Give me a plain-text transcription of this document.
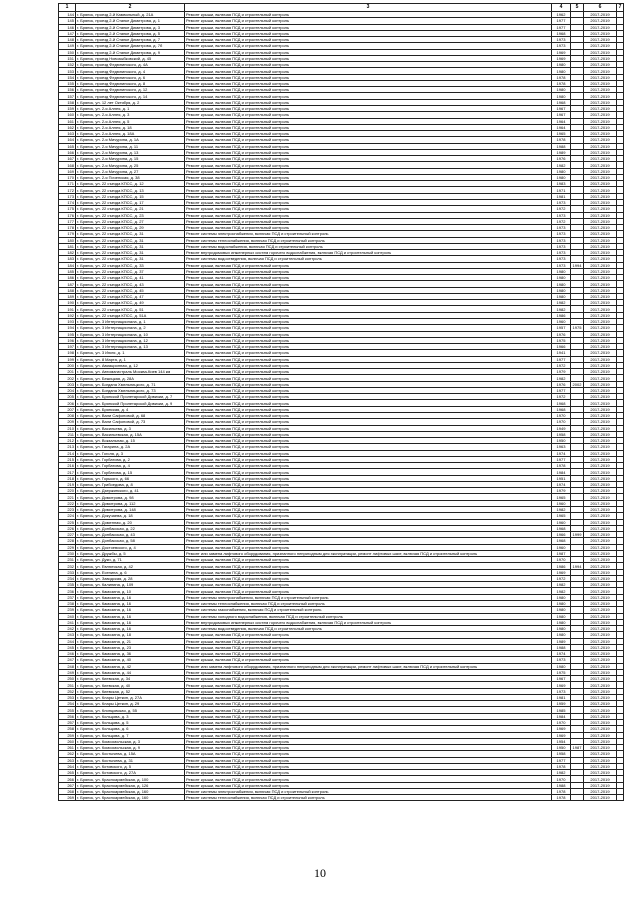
1	2	3	4	5	6	7
144	г. Брянск, проезд 2-й Камвольный, д. 21А	Ремонт крыши, включая ПСД и строительный контроль	1962		2017-2019	
145	г. Брянск, проезд 2-й Станке Димитрова, д. 1	Ремонт крыши, включая ПСД и строительный контроль	1977		2017-2019	
146	г. Брянск, проезд 2-й Станке Димитрова, д. 3	Ремонт крыши, включая ПСД и строительный контроль	1977		2017-2019	
147	г. Брянск, проезд 2-й Станке Димитрова, д. 5	Ремонт крыши, включая ПСД и строительный контроль	1968		2017-2019	
148	г. Брянск, проезд 2-й Станке Димитрова, д. 7	Ремонт крыши, включая ПСД и строительный контроль	1973		2017-2019	
149	г. Брянск, проезд 2-й Станке Димитрова, д. 7б	Ремонт крыши, включая ПСД и строительный контроль	1973		2017-2019	
150	г. Брянск, проезд 2-й Станке Димитрова, д. 9	Ремонт крыши, включая ПСД и строительный контроль	1969		2017-2019	
151	г. Брянск, проезд Новозыбковский, д. 45	Ремонт крыши, включая ПСД и строительный контроль	1969		2017-2019	
152	г. Брянск, проезд Федюнинского, д. 4А	Ремонт крыши, включая ПСД и строительный контроль	1980		2017-2019	
153	г. Брянск, проезд Федюнинского, д. 4	Ремонт крыши, включая ПСД и строительный контроль	1980		2017-2019	
154	г. Брянск, проезд Федюнинского, д. 6	Ремонт крыши, включая ПСД и строительный контроль	1978		2017-2019	
155	г. Брянск, проезд Федюнинского, д. 8	Ремонт крыши, включая ПСД и строительный контроль	1978		2017-2019	
156	г. Брянск, проезд Федюнинского, д. 12	Ремонт крыши, включая ПСД и строительный контроль	1980		2017-2019	
157	г. Брянск, проезд Федюнинского, д. 14	Ремонт крыши, включая ПСД и строительный контроль	1980		2017-2019	
158	г. Брянск, ул. 12 лет Октября, д. 2	Ремонт крыши, включая ПСД и строительный контроль	1968		2017-2019	
159	г. Брянск, ул. 2-я Аллея, д. 1	Ремонт крыши, включая ПСД и строительный контроль	1967		2017-2019	
160	г. Брянск, ул. 2-я Аллея, д. 3	Ремонт крыши, включая ПСД и строительный контроль	1967		2017-2019	
161	г. Брянск, ул. 2-я Аллея, д. 5	Ремонт крыши, включая ПСД и строительный контроль	1964		2017-2019	
162	г. Брянск, ул. 2-я Аллея, д. 18	Ремонт крыши, включая ПСД и строительный контроль	1964		2017-2019	
163	г. Брянск, ул. 2-я Аллея, д. 18А	Ремонт крыши, включая ПСД и строительный контроль	1965		2017-2019	
164	г. Брянск, ул. 2-я Мичурина, д. 1А	Ремонт крыши, включая ПСД и строительный контроль	1978		2017-2019	
165	г. Брянск, ул. 2-я Мичурина, д. 11	Ремонт крыши, включая ПСД и строительный контроль	1988		2017-2019	
166	г. Брянск, ул. 2-я Мичурина, д. 13	Ремонт крыши, включая ПСД и строительный контроль	1989		2017-2019	
167	г. Брянск, ул. 2-я Мичурина, д. 15	Ремонт крыши, включая ПСД и строительный контроль	1976		2017-2019	
168	г. Брянск, ул. 2-я Мичурина, д. 25	Ремонт крыши, включая ПСД и строительный контроль	1982		2017-2019	
169	г. Брянск, ул. 2-я Мичурина, д. 27	Ремонт крыши, включая ПСД и строительный контроль	1980		2017-2019	
170	г. Брянск, ул. 2-я Почепская, д. 38	Ремонт крыши, включая ПСД и строительный контроль	1980		2017-2019	
171	г. Брянск, ул. 22 съезда КПСС, д. 12	Ремонт крыши, включая ПСД и строительный контроль	1983		2017-2019	
172	г. Брянск, ул. 22 съезда КПСС, д. 13	Ремонт крыши, включая ПСД и строительный контроль	1971		2017-2019	
173	г. Брянск, ул. 22 съезда КПСС, д. 15	Ремонт крыши, включая ПСД и строительный контроль	1981		2017-2019	
174	г. Брянск, ул. 22 съезда КПСС, д. 17	Ремонт крыши, включая ПСД и строительный контроль	1973		2017-2019	
175	г. Брянск, ул. 22 съезда КПСС, д. 21	Ремонт крыши, включая ПСД и строительный контроль	1972		2017-2019	
176	г. Брянск, ул. 22 съезда КПСС, д. 23	Ремонт крыши, включая ПСД и строительный контроль	1973		2017-2019	
177	г. Брянск, ул. 22 съезда КПСС, д. 27	Ремонт крыши, включая ПСД и строительный контроль	1972		2017-2019	
178	г. Брянск, ул. 22 съезда КПСС, д. 29	Ремонт крыши, включая ПСД и строительный контроль	1973		2017-2019	
179	г. Брянск, ул. 22 съезда КПСС, д. 31	Ремонт системы электроснабжения, включая ПСД и строительный контроль	1973		2017-2019	
180	г. Брянск, ул. 22 съезда КПСС, д. 31	Ремонт системы теплоснабжения, включая ПСД и строительный контроль	1973		2017-2019	
181	г. Брянск, ул. 22 съезда КПСС, д. 31	Ремонт системы водоснабжения, включая ПСД и строительный контроль	1973		2017-2019	
182	г. Брянск, ул. 22 съезда КПСС, д. 31	Ремонт внутридомовых инженерных систем горячего водоснабжения, включая ПСД и строительный контроль	1973		2017-2019	
183	г. Брянск, ул. 22 съезда КПСС, д. 31	Ремонт системы водоотведения, включая ПСД и строительный контроль	1973		2017-2019	
184	г. Брянск, ул. 22 съезда КПСС, д. 33	Ремонт крыши, включая ПСД и строительный контроль	1973	1994	2017-2019	
185	г. Брянск, ул. 22 съезда КПСС, д. 37	Ремонт крыши, включая ПСД и строительный контроль	1980		2017-2019	
186	г. Брянск, ул. 22 съезда КПСС, д. 41	Ремонт крыши, включая ПСД и строительный контроль	1980		2017-2019	
187	г. Брянск, ул. 22 съезда КПСС, д. 43	Ремонт крыши, включая ПСД и строительный контроль	1980		2017-2019	
188	г. Брянск, ул. 22 съезда КПСС, д. 45	Ремонт крыши, включая ПСД и строительный контроль	1980		2017-2019	
189	г. Брянск, ул. 22 съезда КПСС, д. 47	Ремонт крыши, включая ПСД и строительный контроль	1980		2017-2019	
190	г. Брянск, ул. 22 съезда КПСС, д. 49	Ремонт крыши, включая ПСД и строительный контроль	1982		2017-2019	
191	г. Брянск, ул. 22 съезда КПСС, д. 51	Ремонт крыши, включая ПСД и строительный контроль	1982		2017-2019	
192	г. Брянск, ул. 22 съезда КПСС, д. 51А	Ремонт крыши, включая ПСД и строительный контроль	1986		2017-2019	
193	г. Брянск, ул. 3 Интернационала, д. 1	Ремонт крыши, включая ПСД и строительный контроль	1960		2017-2019	
194	г. Брянск, ул. 3 Интернационала, д. 2	Ремонт крыши, включая ПСД и строительный контроль	1957	1975	2017-2019	
195	г. Брянск, ул. 3 Интернационала, д. 10	Ремонт крыши, включая ПСД и строительный контроль	1976		2017-2019	
196	г. Брянск, ул. 3 Интернационала, д. 12	Ремонт крыши, включая ПСД и строительный контроль	1975		2017-2019	
197	г. Брянск, ул. 3 Интернационала, д. 13	Ремонт крыши, включая ПСД и строительный контроль	1966		2017-2019	
198	г. Брянск, ул. 3 Июля, д. 1	Ремонт крыши, включая ПСД и строительный контроль	1941		2017-2019	
199	г. Брянск, ул. 8 Марта, д. 1	Ремонт крыши, включая ПСД и строительный контроль	1977		2017-2019	
200	г. Брянск, ул. Авиационная, д. 12	Ремонт крыши, включая ПСД и строительный контроль	1972		2017-2019	
201	г. Брянск, ул. Автомагистраль Москва-Киев 144 км	Ремонт крыши, включая ПСД и строительный контроль	1979		2017-2019	
202	г. Брянск, ул. Бежицкая, д. 28А	Ремонт крыши, включая ПСД и строительный контроль	1982		2017-2019	
203	г. Брянск, ул. Богдана Хмельницкого, д. 71	Ремонт крыши, включая ПСД и строительный контроль	1976	2002	2017-2019	
204	г. Брянск, ул. Богдана Хмельницкого, д. 73	Ремонт крыши, включая ПСД и строительный контроль	1977		2017-2019	
205	г. Брянск, ул. Брянской Пролетарской Дивизии, д. 7	Ремонт крыши, включая ПСД и строительный контроль	1972		2017-2019	
206	г. Брянск, ул. Брянской Пролетарской Дивизии, д. 9	Ремонт крыши, включая ПСД и строительный контроль	1968		2017-2019	
207	г. Брянск, ул. Брянская, д. 4	Ремонт крыши, включая ПСД и строительный контроль	1968		2017-2019	
208	г. Брянск, ул. Вали Сафоновой, д. 68	Ремонт крыши, включая ПСД и строительный контроль	1970		2017-2019	
209	г. Брянск, ул. Вали Сафоновой, д. 73	Ремонт крыши, включая ПСД и строительный контроль	1970		2017-2019	
210	г. Брянск, ул. Васильева, д. 3	Ремонт крыши, включая ПСД и строительный контроль	1949		2017-2019	
211	г. Брянск, ул. Васильевская, д. 15А	Ремонт крыши, включая ПСД и строительный контроль	1958		2017-2019	
212	г. Брянск, ул. Вокзальная, д. 15	Ремонт крыши, включая ПСД и строительный контроль	1950		2017-2019	
213	г. Брянск, ул. Гагарина, д. 2А	Ремонт крыши, включая ПСД и строительный контроль	1963		2017-2019	
214	г. Брянск, ул. Гоголя, д. 3	Ремонт крыши, включая ПСД и строительный контроль	1974		2017-2019	
215	г. Брянск, ул. Горбатова, д. 2	Ремонт крыши, включая ПСД и строительный контроль	1977		2017-2019	
216	г. Брянск, ул. Горбатова, д. 4	Ремонт крыши, включая ПСД и строительный контроль	1978		2017-2019	
217	г. Брянск, ул. Горбатова, д. 15	Ремонт крыши, включая ПСД и строительный контроль	1984		2017-2019	
218	г. Брянск, ул. Горького, д. 66	Ремонт крыши, включая ПСД и строительный контроль	1951		2017-2019	
219	г. Брянск, ул. Грибоедова, д. 8	Ремонт крыши, включая ПСД и строительный контроль	1974		2017-2019	
220	г. Брянск, ул. Дзержинского, д. 41	Ремонт крыши, включая ПСД и строительный контроль	1979		2017-2019	
221	г. Брянск, ул. Димитрова, д. 98	Ремонт крыши, включая ПСД и строительный контроль	1965		2017-2019	
222	г. Брянск, ул. Димитрова, д. 112	Ремонт крыши, включая ПСД и строительный контроль	1960		2017-2019	
223	г. Брянск, ул. Димитрова, д. 148	Ремонт крыши, включая ПСД и строительный контроль	1982		2017-2019	
224	г. Брянск, ул. Докучаева, д. 18	Ремонт крыши, включая ПСД и строительный контроль	1965		2017-2019	
225	г. Брянск, ул. Доменная, д. 20	Ремонт крыши, включая ПСД и строительный контроль	1960		2017-2019	
226	г. Брянск, ул. Донбасская, д. 22	Ремонт крыши, включая ПСД и строительный контроль	1968		2017-2019	
227	г. Брянск, ул. Донбасская, д. 43	Ремонт крыши, включая ПСД и строительный контроль	1966	1999	2017-2019	
228	г. Брянск, ул. Донбасская, д. 58	Ремонт крыши, включая ПСД и строительный контроль	1968		2017-2019	
229	г. Брянск, ул. Достоевского, д. 4	Ремонт крыши, включая ПСД и строительный контроль	1960		2017-2019	
230	г. Брянск, ул. Дружбы, д. 5	Ремонт или замена лифтового оборудования, признанного непригодным для эксплуатации, ремонт лифтовых шахт, включая ПСД и строительный контроль	1987		2017-2019	
231	г. Брянск, ул. Дуки, д. 71	Ремонт крыши, включая ПСД и строительный контроль	1970		2017-2019	
232	г. Брянск, ул. Евлютская, д. 42	Ремонт крыши, включая ПСД и строительный контроль	1986	1994	2017-2019	
233	г. Брянск, ул. Есенина, д. 6	Ремонт крыши, включая ПСД и строительный контроль	1969		2017-2019	
234	г. Брянск, ул. Заводская, д. 28	Ремонт крыши, включая ПСД и строительный контроль	1972		2017-2019	
235	г. Брянск, ул. Калинина, д. 109	Ремонт крыши, включая ПСД и строительный контроль	1982		2017-2019	
236	г. Брянск, ул. Камозина, д. 10	Ремонт крыши, включая ПСД и строительный контроль	1982		2017-2019	
237	г. Брянск, ул. Камозина, д. 16	Ремонт системы электроснабжения, включая ПСД и строительный контроль	1980		2017-2019	
238	г. Брянск, ул. Камозина, д. 16	Ремонт системы теплоснабжения, включая ПСД и строительный контроль	1980		2017-2019	
239	г. Брянск, ул. Камозина, д. 16	Ремонт системы газоснабжения, включая ПСД и строительный контроль	1980		2017-2019	
240	г. Брянск, ул. Камозина, д. 16	Ремонт системы холодного водоснабжения, включая ПСД и строительный контроль	1980		2017-2019	
241	г. Брянск, ул. Камозина, д. 16	Ремонт внутридомовых инженерных систем горячего водоснабжения, включая ПСД и строительный контроль	1980		2017-2019	
242	г. Брянск, ул. Камозина, д. 16	Ремонт системы водоотведения, включая ПСД и строительный контроль	1980		2017-2019	
243	г. Брянск, ул. Камозина, д. 18	Ремонт крыши, включая ПСД и строительный контроль	1980		2017-2019	
244	г. Брянск, ул. Камозина, д. 21	Ремонт крыши, включая ПСД и строительный контроль	1989		2017-2019	
245	г. Брянск, ул. Камозина, д. 23	Ремонт крыши, включая ПСД и строительный контроль	1988		2017-2019	
246	г. Брянск, ул. Камозина, д. 36	Ремонт крыши, включая ПСД и строительный контроль	1974		2017-2019	
247	г. Брянск, ул. Камозина, д. 40	Ремонт крыши, включая ПСД и строительный контроль	1973		2017-2019	
248	г. Брянск, ул. Камозина, д. 42	Ремонт или замена лифтового оборудования, признанного непригодным для эксплуатации, ремонт лифтовых шахт, включая ПСД и строительный контроль	1980		2017-2019	
249	г. Брянск, ул. Камозина, д. 44	Ремонт крыши, включая ПСД и строительный контроль	1975		2017-2019	
250	г. Брянск, ул. Киевская, д. 34	Ремонт крыши, включая ПСД и строительный контроль	1967		2017-2019	
251	г. Брянск, ул. Киевская, д. 40	Ремонт крыши, включая ПСД и строительный контроль	1969		2017-2019	
252	г. Брянск, ул. Киевская, д. 52	Ремонт крыши, включая ПСД и строительный контроль	1973		2017-2019	
253	г. Брянск, ул. Клары Цеткин, д. 27А	Ремонт крыши, включая ПСД и строительный контроль	1981		2017-2019	
254	г. Брянск, ул. Клары Цеткин, д. 29	Ремонт крыши, включая ПСД и строительный контроль	1959		2017-2019	
255	г. Брянск, ул. Клинцовская, д. 55	Ремонт крыши, включая ПСД и строительный контроль	1985		2017-2019	
256	г. Брянск, ул. Кольцова, д. 3	Ремонт крыши, включая ПСД и строительный контроль	1984		2017-2019	
257	г. Брянск, ул. Кольцова, д. 5	Ремонт крыши, включая ПСД и строительный контроль	1970		2017-2019	
258	г. Брянск, ул. Кольцова, д. 6	Ремонт крыши, включая ПСД и строительный контроль	1969		2017-2019	
259	г. Брянск, ул. Кольцова, д. 7	Ремонт крыши, включая ПСД и строительный контроль	1969		2017-2019	
260	г. Брянск, ул. Комсомольская, д. 3	Ремонт крыши, включая ПСД и строительный контроль	1954		2017-2019	
261	г. Брянск, ул. Комсомольская, д. 9	Ремонт крыши, включая ПСД и строительный контроль	1950	1987	2017-2019	
262	г. Брянск, ул. Костычева, д. 15А	Ремонт крыши, включая ПСД и строительный контроль	1958		2017-2019	
263	г. Брянск, ул. Костычева, д. 31	Ремонт крыши, включая ПСД и строительный контроль	1977		2017-2019	
264	г. Брянск, ул. Котовского, д. 5	Ремонт крыши, включая ПСД и строительный контроль	1978		2017-2019	
265	г. Брянск, ул. Котовского, д. 27А	Ремонт крыши, включая ПСД и строительный контроль	1982		2017-2019	
266	г. Брянск, ул. Красноармейская, д. 100	Ремонт крыши, включая ПСД и строительный контроль	1970		2017-2019	
267	г. Брянск, ул. Красноармейская, д. 126	Ремонт крыши, включая ПСД и строительный контроль	1988		2017-2019	
268	г. Брянск, ул. Красноармейская, д. 160	Ремонт системы электроснабжения, включая ПСД и строительный контроль	1978		2017-2019	
269	г. Брянск, ул. Красноармейская, д. 160	Ремонт системы теплоснабжения, включая ПСД и строительный контроль	1978		2017-2019	
10
